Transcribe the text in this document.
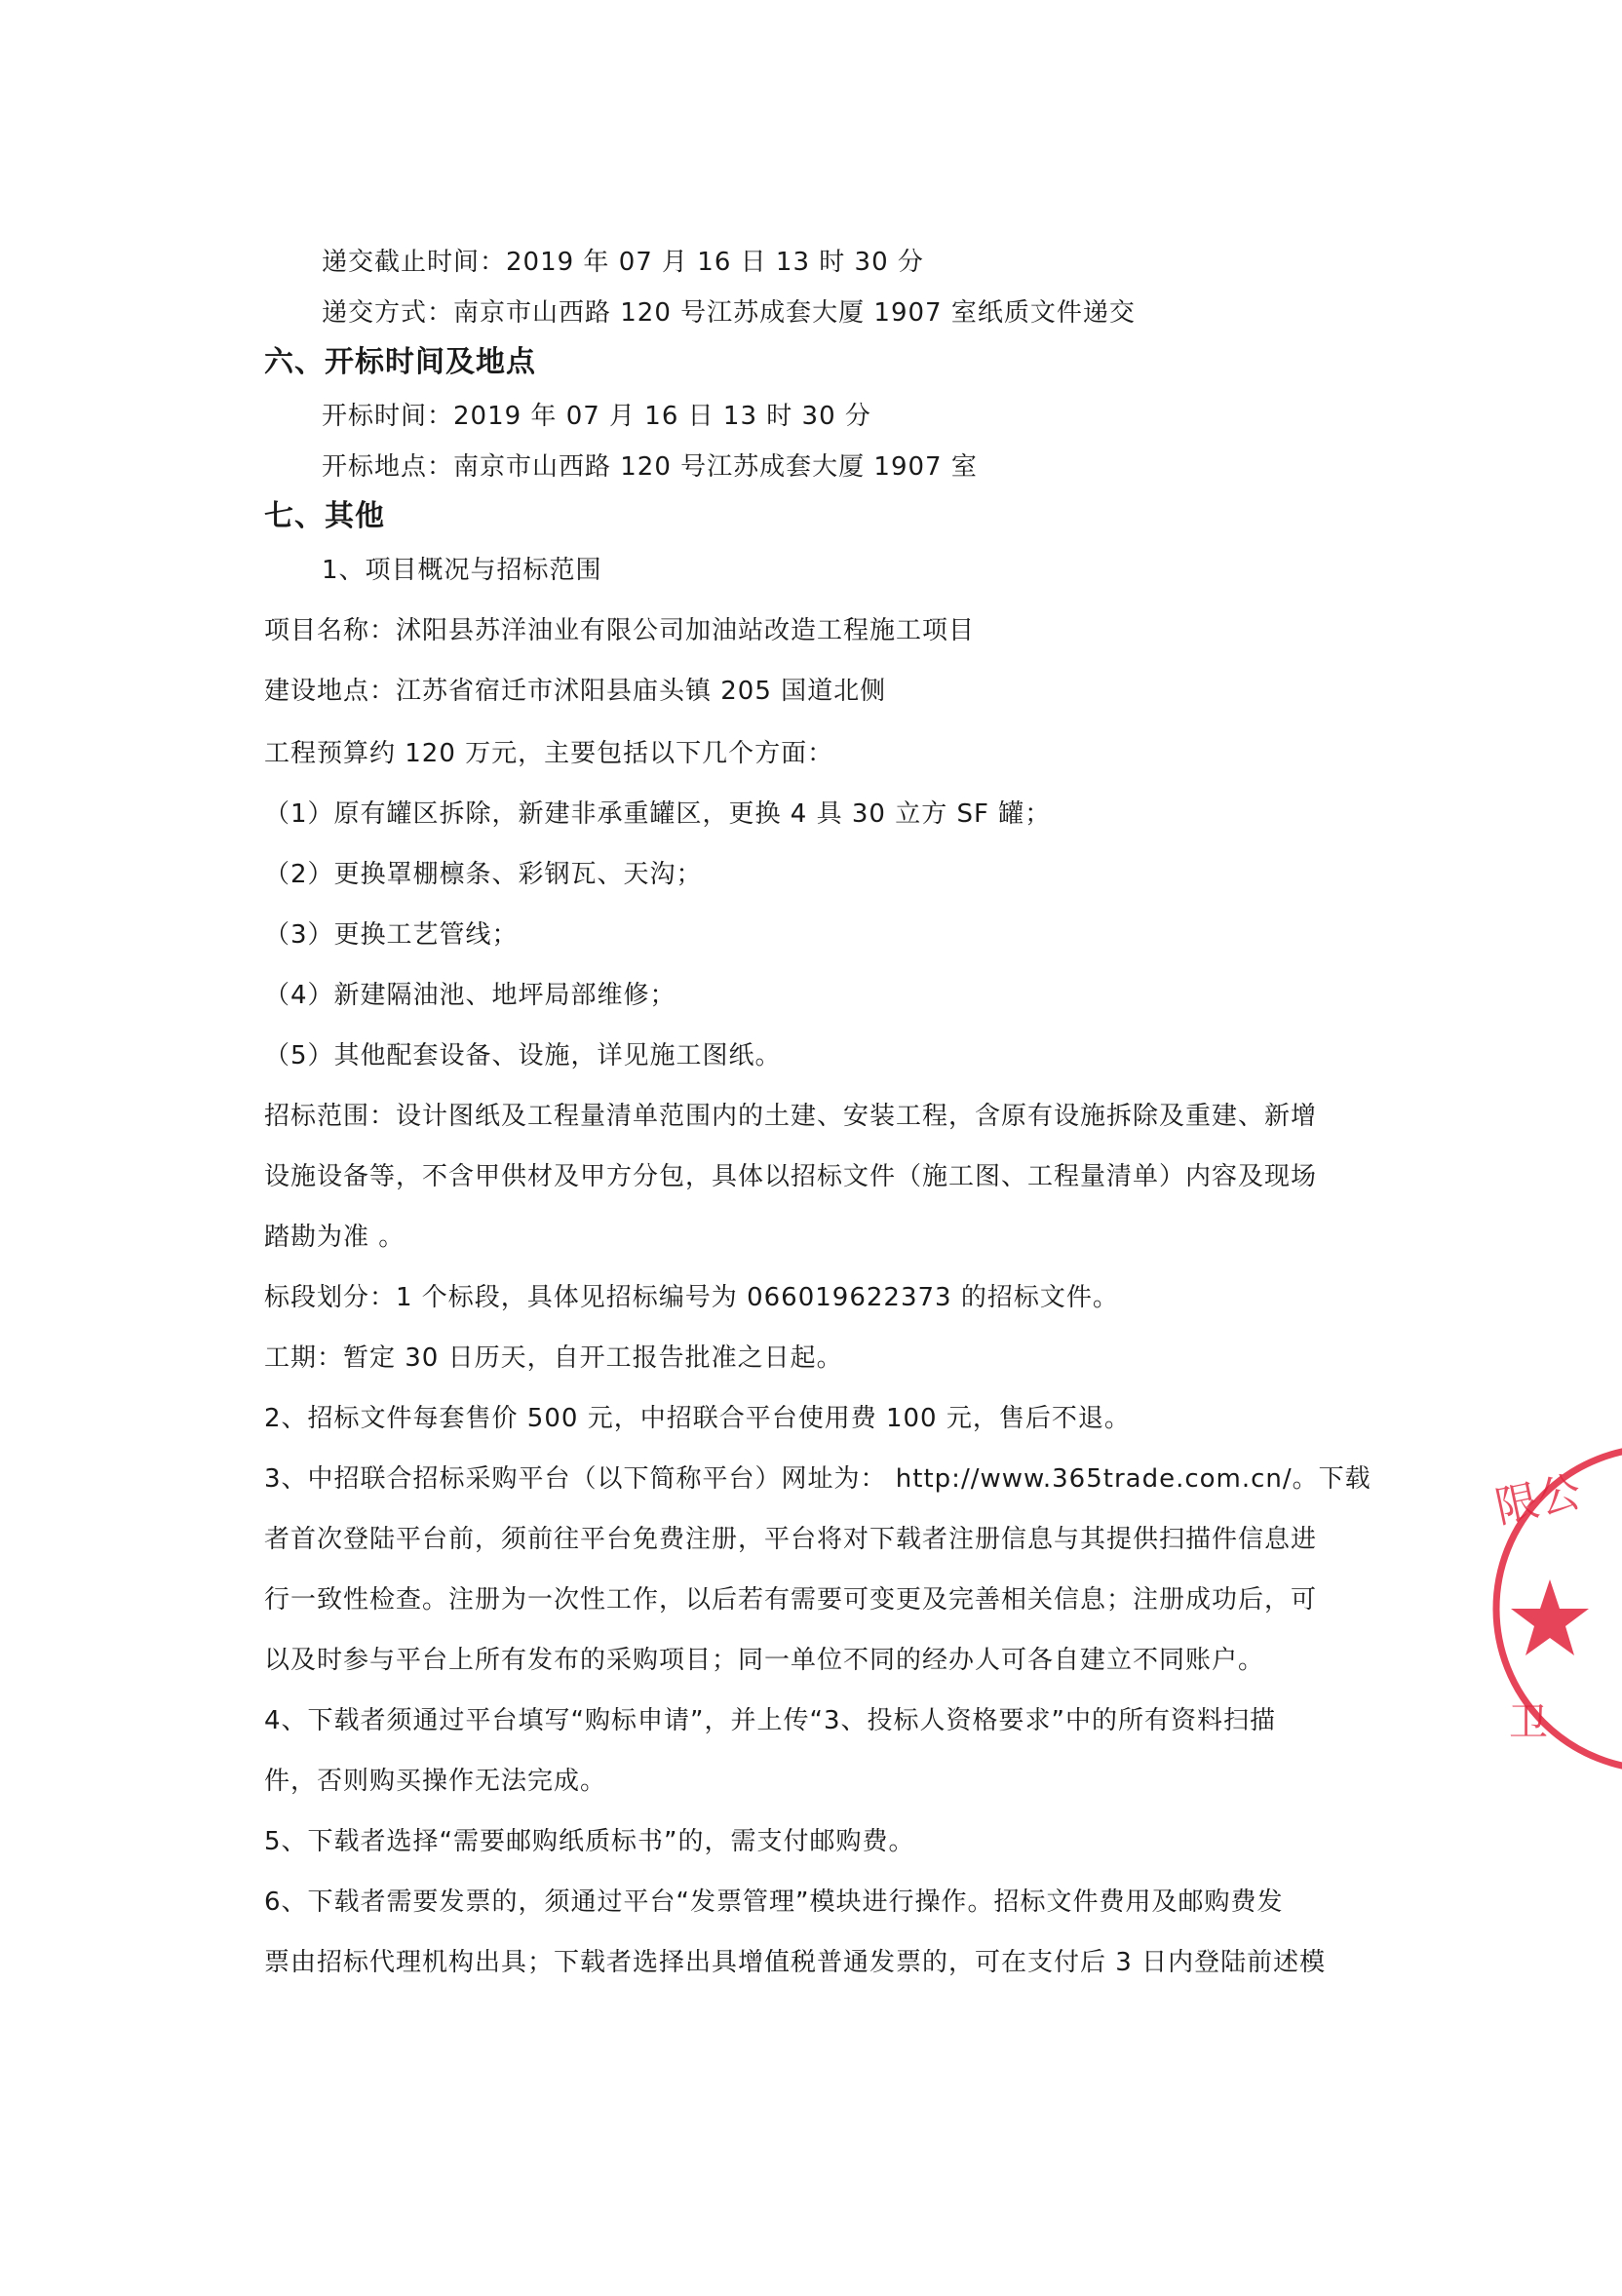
递交截止时间：2019 年 07 月 16 日 13 时 30 分
递交方式：南京市山西路 120 号江苏成套大厦 1907 室纸质文件递交
六、开标时间及地点
开标时间：2019 年 07 月 16 日 13 时 30 分
开标地点：南京市山西路 120 号江苏成套大厦 1907 室
七、其他
1、项目概况与招标范围
项目名称：沭阳县苏洋油业有限公司加油站改造工程施工项目
建设地点：江苏省宿迁市沭阳县庙头镇 205 国道北侧
工程预算约 120 万元，主要包括以下几个方面：
（1）原有罐区拆除，新建非承重罐区，更换 4 具 30 立方 SF 罐；
（2）更换罩棚檩条、彩钢瓦、天沟；
（3）更换工艺管线；
（4）新建隔油池、地坪局部维修；
（5）其他配套设备、设施，详见施工图纸。
招标范围：设计图纸及工程量清单范围内的土建、安装工程，含原有设施拆除及重建、新增
设施设备等，不含甲供材及甲方分包，具体以招标文件（施工图、工程量清单）内容及现场
踏勘为准 。
标段划分：1 个标段，具体见招标编号为 066019622373 的招标文件。
工期：暂定 30 日历天，自开工报告批准之日起。
2、招标文件每套售价 500 元，中招联合平台使用费 100 元，售后不退。
3、中招联合招标采购平台（以下简称平台）网址为： http://www.365trade.com.cn/。下载
者首次登陆平台前，须前往平台免费注册，平台将对下载者注册信息与其提供扫描件信息进
行一致性检查。注册为一次性工作，以后若有需要可变更及完善相关信息；注册成功后，可
以及时参与平台上所有发布的采购项目；同一单位不同的经办人可各自建立不同账户。
4、下载者须通过平台填写“购标申请”，并上传“3、投标人资格要求”中的所有资料扫描
件，否则购买操作无法完成。
5、下载者选择“需要邮购纸质标书”的，需支付邮购费。
6、下载者需要发票的，须通过平台“发票管理”模块进行操作。招标文件费用及邮购费发
票由招标代理机构出具；下载者选择出具增值税普通发票的，可在支付后 3 日内登陆前述模
限公
卫
